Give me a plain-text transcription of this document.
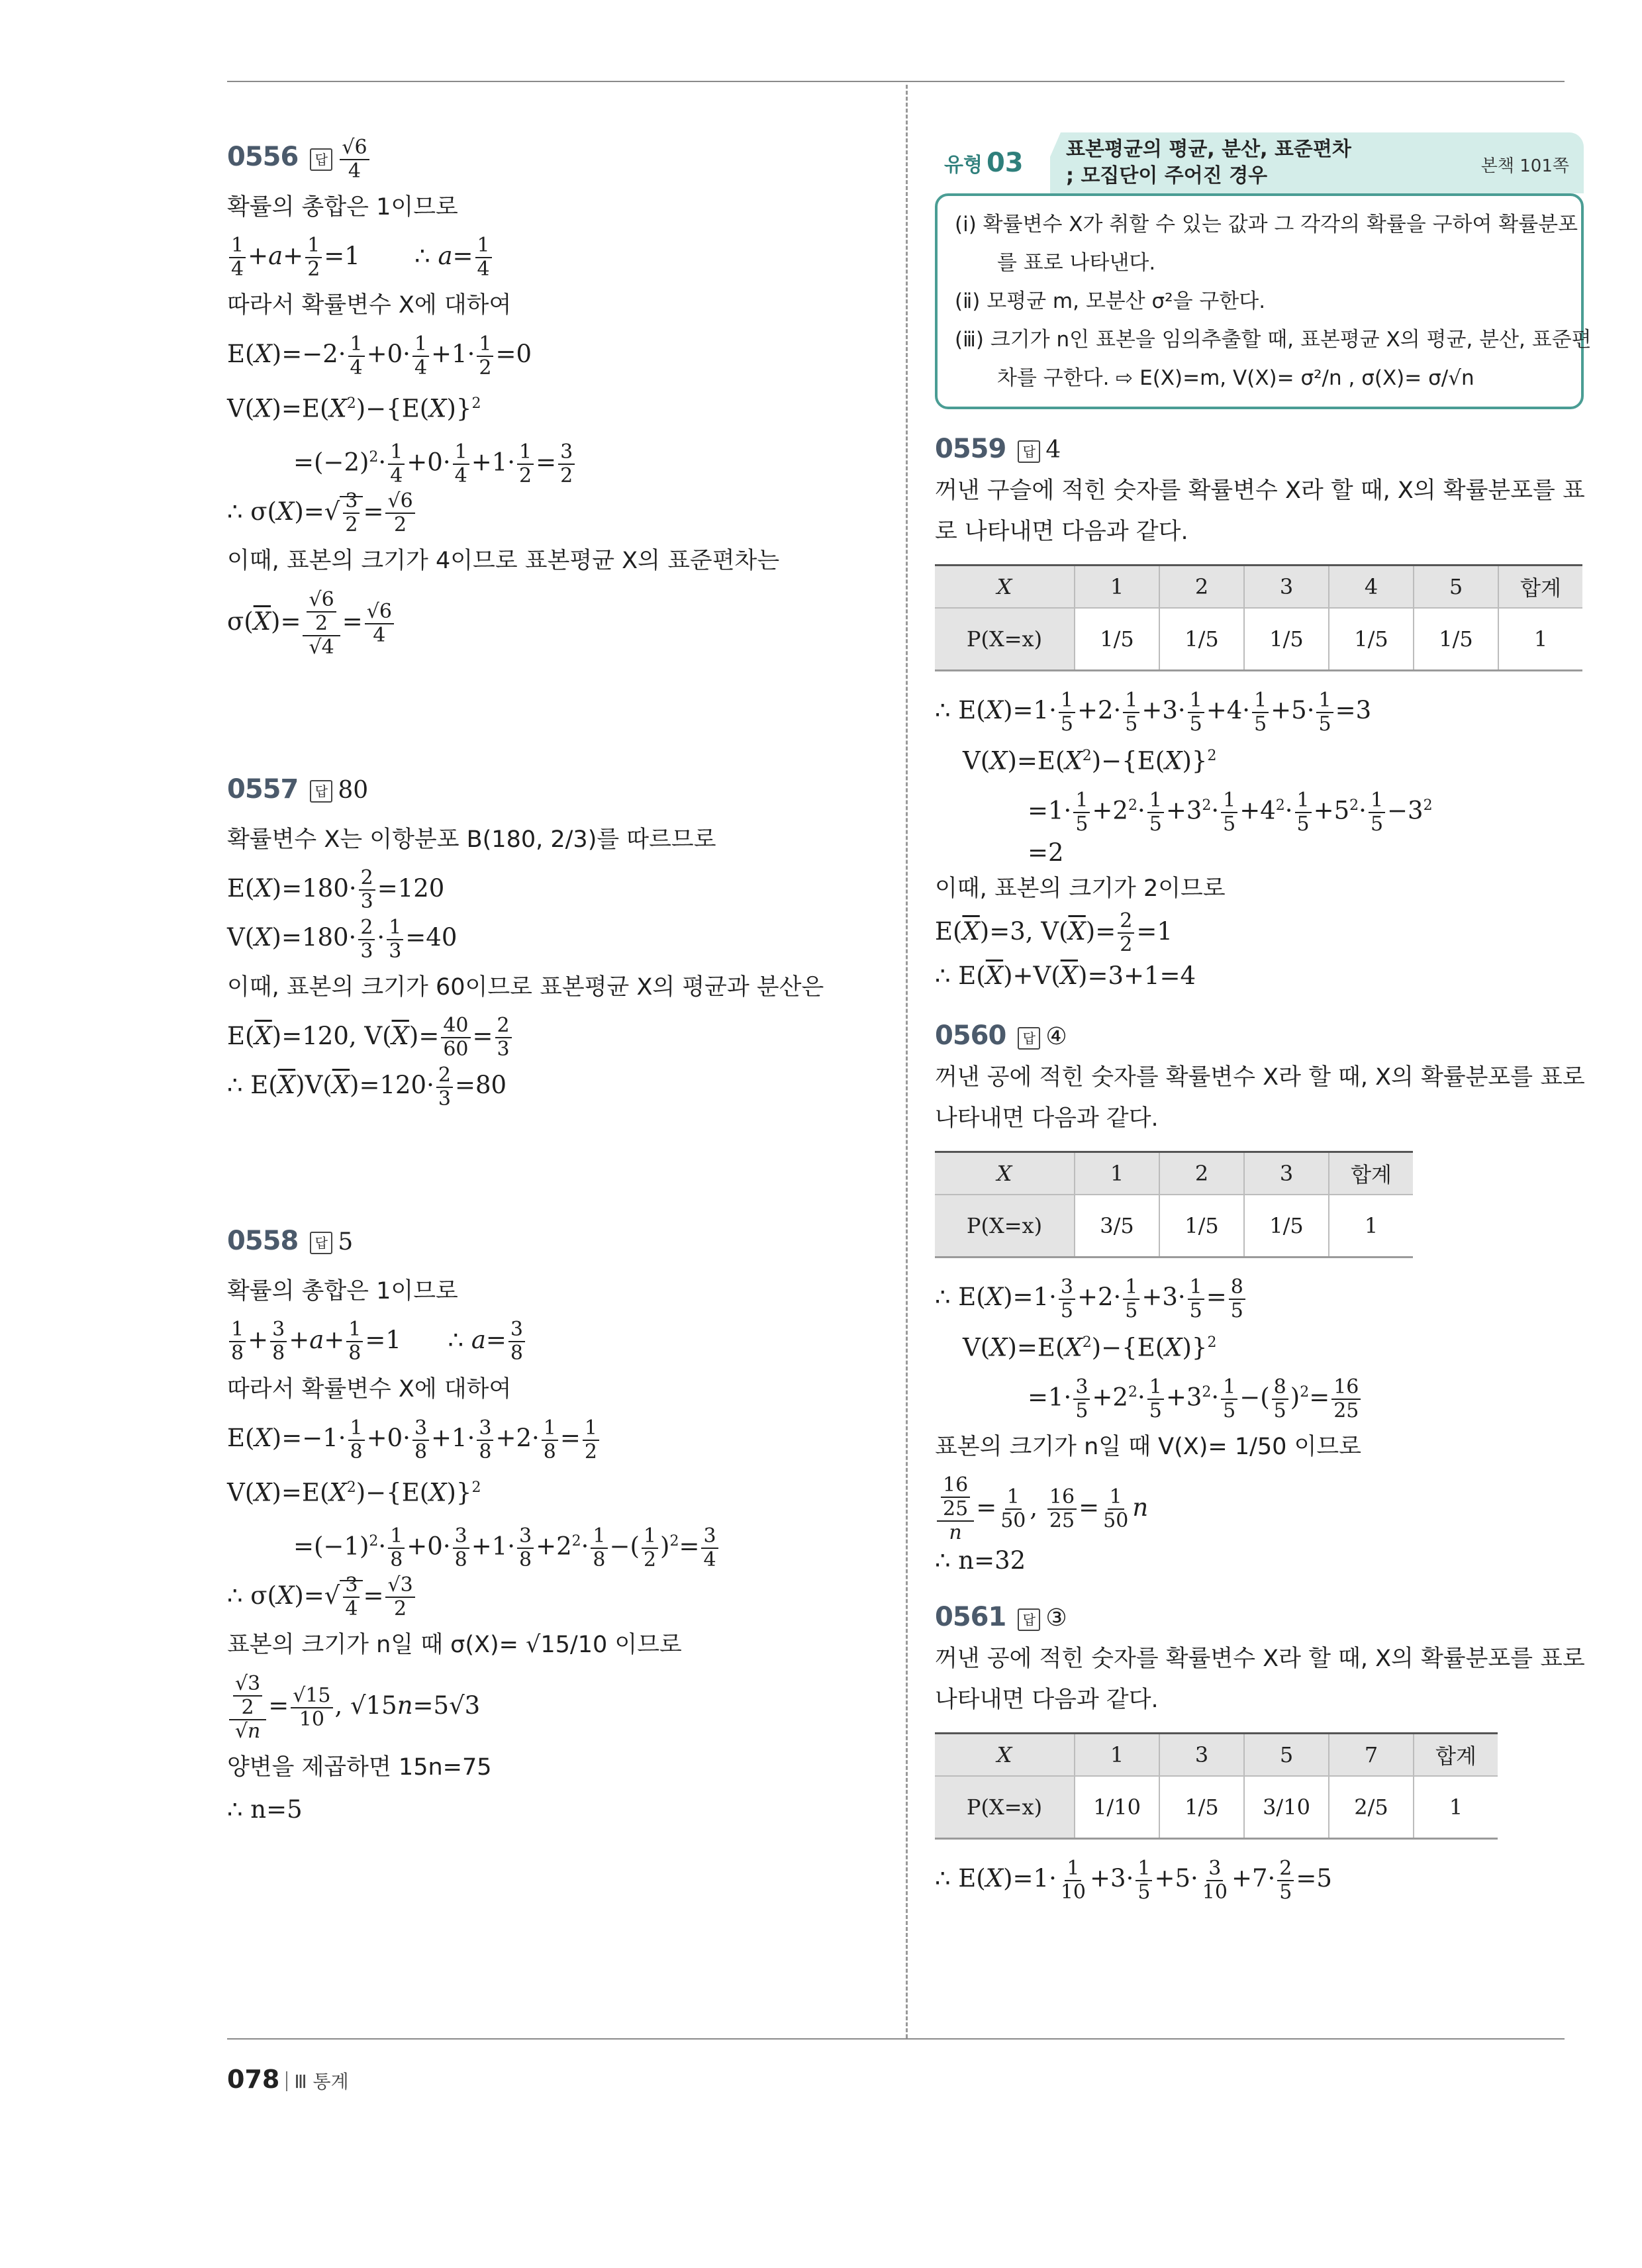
0556 답 $\frac{√6}{4}$
확률의 총합은 1이므로
$\frac{1}{4} +a+ \frac{1}{2} =1$       ∴ $a= \frac{1}{4}$
따라서 확률변수 X에 대하여
$E(X)=-2\cdot \frac{1}{4} +0\cdot \frac{1}{4} +1\cdot \frac{1}{2} =0$
$V(X)=E(X^2)-\{E(X)\}^2$
$=(-2)^2\cdot \frac{1}{4} +0\cdot \frac{1}{4} +1\cdot \frac{1}{2} = \frac{3}{2}$
∴ $\sigma(X)=√ \frac{3}{2} = \frac{√6}{2}$
이때, 표본의 크기가 4이므로 표본평균 X의 표준편차는
$\sigma(\overline{X})= \frac{\frac{√6}{2}}{√4} = \frac{√6}{4}$
0557 답 80
확률변수 X는 이항분포 B(180, 2/3)를 따르므로
$E(X)=180\cdot \frac{2}{3} =120$
$V(X)=180\cdot \frac{2}{3} \cdot \frac{1}{3} =40$
이때, 표본의 크기가 60이므로 표본평균 X의 평균과 분산은
$E(\overline{X})=120$, $V(\overline{X})= \frac{40}{60} = \frac{2}{3}$
∴ $E(\overline{X})V(\overline{X})=120\cdot \frac{2}{3} =80$
0558 답 5
확률의 총합은 1이므로
$\frac{1}{8} + \frac{3}{8} +a+ \frac{1}{8} =1$      ∴ $a= \frac{3}{8}$
따라서 확률변수 X에 대하여
$E(X)=-1\cdot \frac{1}{8} +0\cdot \frac{3}{8} +1\cdot \frac{3}{8} +2\cdot \frac{1}{8} = \frac{1}{2}$
$V(X)=E(X^2)-\{E(X)\}^2$
$=(-1)^2\cdot \frac{1}{8} +0\cdot \frac{3}{8} +1\cdot \frac{3}{8} +2^2\cdot \frac{1}{8}$ −( $\frac{1}{2} )^2= \frac{3}{4}$
∴ $\sigma(X)=√ \frac{3}{4} = \frac{√3}{2}$
표본의 크기가 n일 때 σ(X)= √15/10 이므로
$\frac{\frac{√3}{2}}{√n} = \frac{√15}{10}$ , √15n=5√3
양변을 제곱하면 15n=75
∴ n=5
유형 03	표본평균의 평균, 분산, 표준편차
; 모집단이 주어진 경우	본책 101쪽
(ⅰ) 확률변수 X가 취할 수 있는 값과 그 각각의 확률을 구하여 확률분포
를 표로 나타낸다.
(ⅱ) 모평균 m, 모분산 σ²을 구한다.
(ⅲ) 크기가 n인 표본을 임의추출할 때, 표본평균 X의 평균, 분산, 표준편
차를 구한다. ⇨ E(X)=m, V(X)= σ²/n , σ(X)= σ/√n
0559 답 4
꺼낸 구슬에 적힌 숫자를 확률변수 X라 할 때, X의 확률분포를 표
로 나타내면 다음과 같다.
X	1	2	3	4	5	합계
P(X=x)	1/5	1/5	1/5	1/5	1/5	1
∴ $E(X)=1\cdot \frac{1}{5} +2\cdot \frac{1}{5} +3\cdot \frac{1}{5} +4\cdot \frac{1}{5} +5\cdot \frac{1}{5} =3$
$V(X)=E(X^2)-\{E(X)\}^2$
$=1\cdot \frac{1}{5} +2^2\cdot \frac{1}{5} +3^2\cdot \frac{1}{5} +4^2\cdot \frac{1}{5} +5^2\cdot \frac{1}{5} -3^2$
=2
이때, 표본의 크기가 2이므로
$E(\overline{X})=3$, $V(\overline{X})= \frac{2}{2} =1$
∴ $E(\overline{X})+V(\overline{X})=3+1=4$
0560 답 ④
꺼낸 공에 적힌 숫자를 확률변수 X라 할 때, X의 확률분포를 표로
나타내면 다음과 같다.
X	1	2	3	합계
P(X=x)	3/5	1/5	1/5	1
∴ $E(X)=1\cdot \frac{3}{5} +2\cdot \frac{1}{5} +3\cdot \frac{1}{5} = \frac{8}{5}$
$V(X)=E(X^2)-\{E(X)\}^2$
$=1\cdot \frac{3}{5} +2^2\cdot \frac{1}{5} +3^2\cdot \frac{1}{5}$ −( $\frac{8}{5} )^2= \frac{16}{25}$
표본의 크기가 n일 때 V(X)= 1/50 이므로
$\frac{\frac{16}{25}}{n} = \frac{1}{50}$ , $\frac{16}{25} = \frac{1}{50}$ n
∴ n=32
0561 답 ③
꺼낸 공에 적힌 숫자를 확률변수 X라 할 때, X의 확률분포를 표로
나타내면 다음과 같다.
X	1	3	5	7	합계
P(X=x)	1/10	1/5	3/10	2/5	1
∴ $E(X)=1\cdot \frac{1}{10} +3\cdot \frac{1}{5} +5\cdot \frac{3}{10} +7\cdot \frac{2}{5} =5$
078 Ⅲ 통계
